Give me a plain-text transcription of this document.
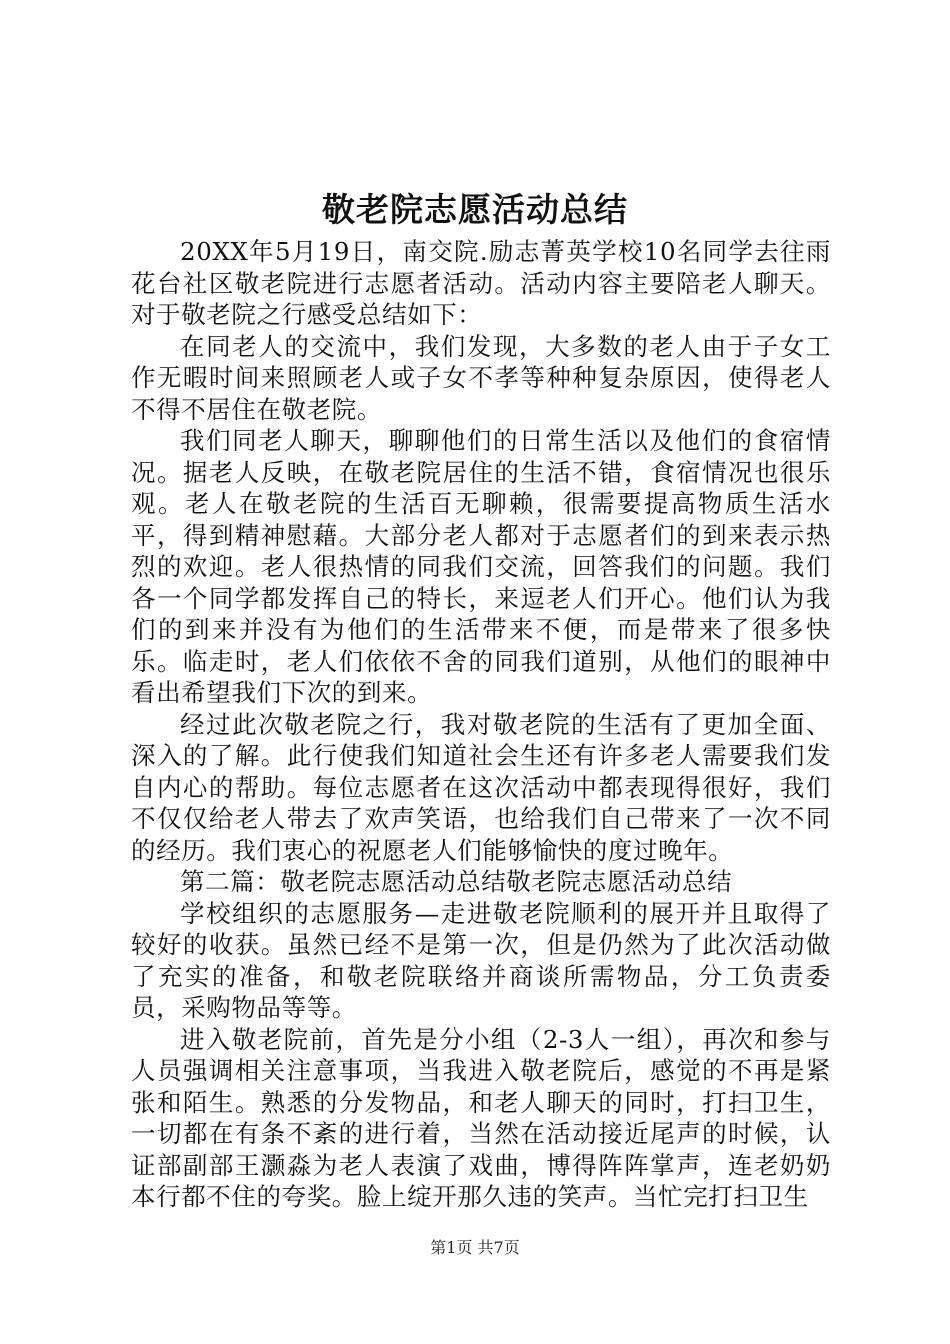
敬老院志愿活动总结

20XX年5月19日，南交院.励志菁英学校10名同学去往雨花台社区敬老院进行志愿者活动。活动内容主要陪老人聊天。对于敬老院之行感受总结如下：

在同老人的交流中，我们发现，大多数的老人由于子女工作无暇时间来照顾老人或子女不孝等种种复杂原因，使得老人不得不居住在敬老院。

我们同老人聊天，聊聊他们的日常生活以及他们的食宿情况。据老人反映，在敬老院居住的生活不错，食宿情况也很乐观。老人在敬老院的生活百无聊赖，很需要提高物质生活水平，得到精神慰藉。大部分老人都对于志愿者们的到来表示热烈的欢迎。老人很热情的同我们交流，回答我们的问题。我们各一个同学都发挥自己的特长，来逗老人们开心。他们认为我们的到来并没有为他们的生活带来不便，而是带来了很多快乐。临走时，老人们依依不舍的同我们道别，从他们的眼神中看出希望我们下次的到来。

经过此次敬老院之行，我对敬老院的生活有了更加全面、深入的了解。此行使我们知道社会生还有许多老人需要我们发自内心的帮助。每位志愿者在这次活动中都表现得很好，我们不仅仅给老人带去了欢声笑语，也给我们自己带来了一次不同的经历。我们衷心的祝愿老人们能够愉快的度过晚年。

第二篇：敬老院志愿活动总结敬老院志愿活动总结

学校组织的志愿服务—走进敬老院顺利的展开并且取得了较好的收获。虽然已经不是第一次，但是仍然为了此次活动做了充实的准备，和敬老院联络并商谈所需物品，分工负责委员，采购物品等等。

进入敬老院前，首先是分小组（2-3人一组），再次和参与人员强调相关注意事项，当我进入敬老院后，感觉的不再是紧张和陌生。熟悉的分发物品，和老人聊天的同时，打扫卫生，一切都在有条不紊的进行着，当然在活动接近尾声的时候，认证部副部王灏淼为老人表演了戏曲，博得阵阵掌声，连老奶奶本行都不住的夸奖。脸上绽开那久违的笑声。当忙完打扫卫生

第1页 共7页
